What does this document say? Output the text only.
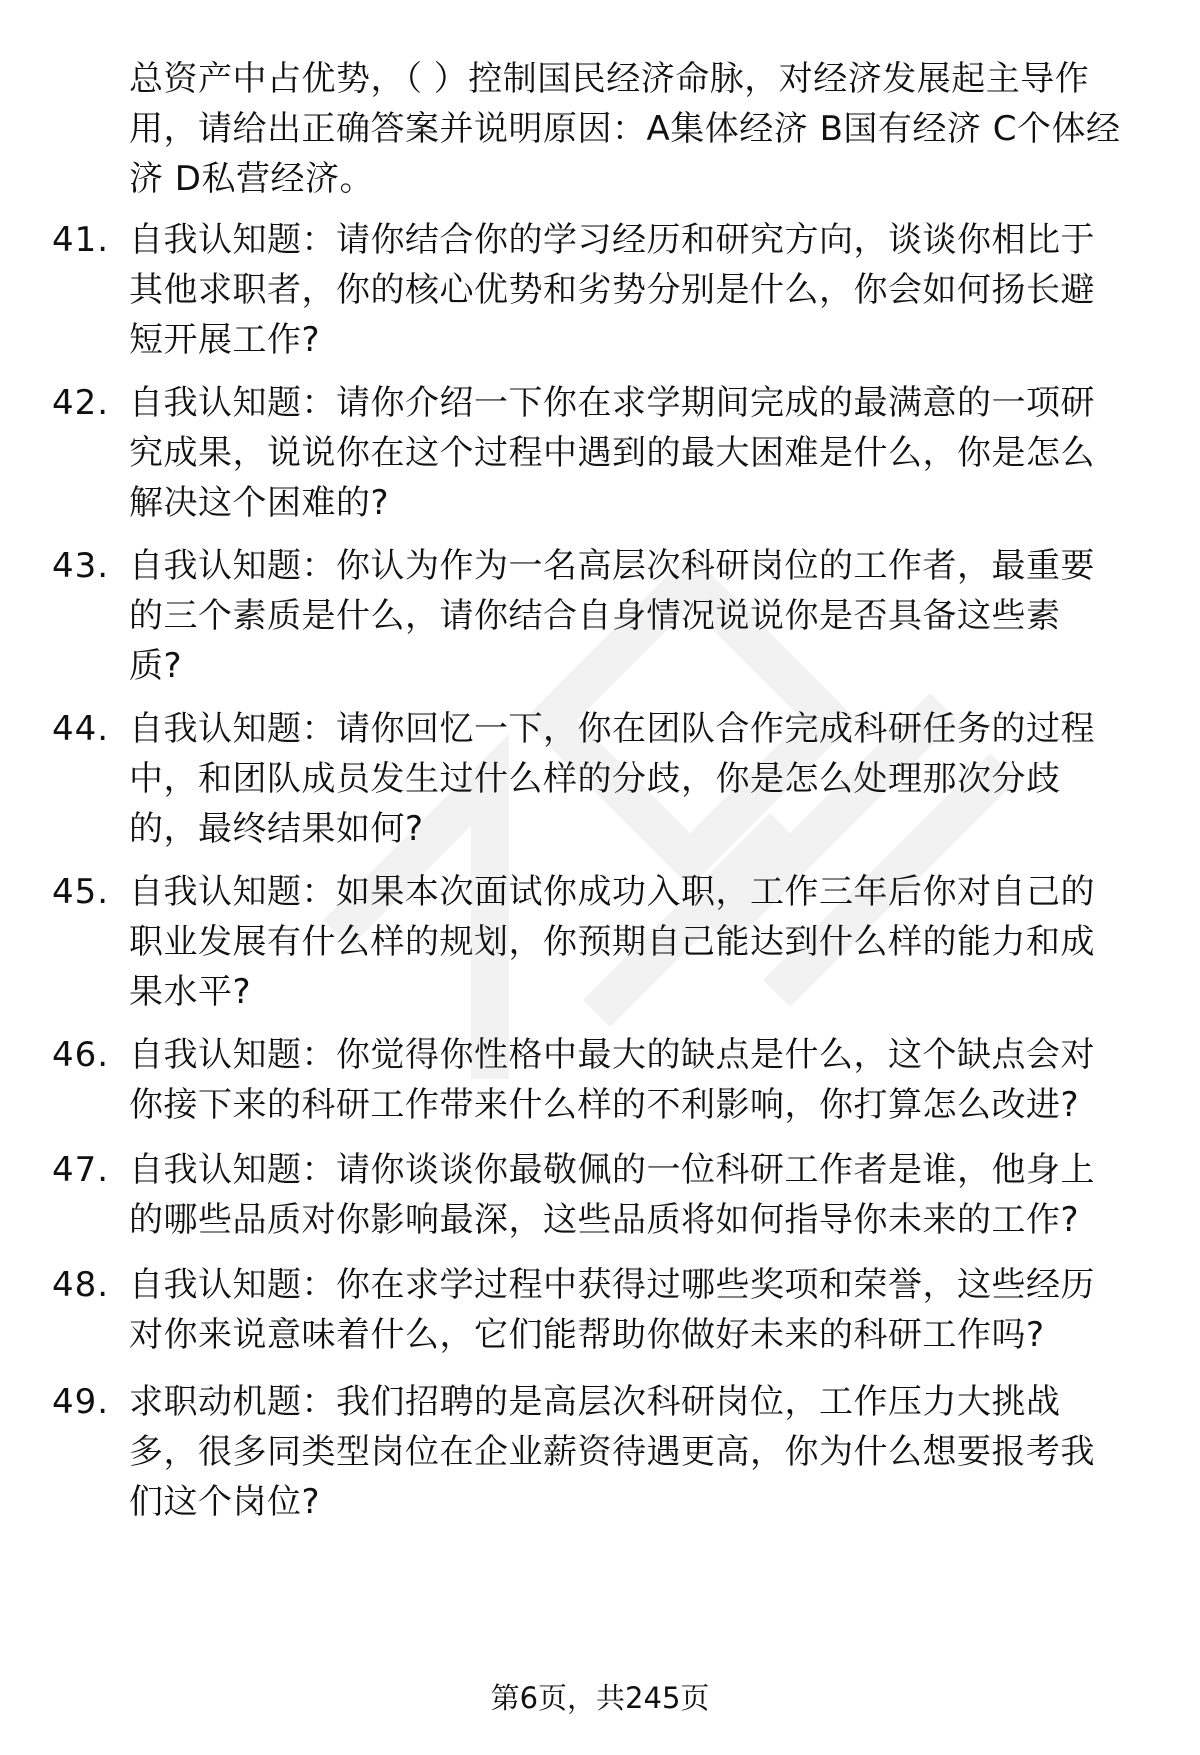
总资产中占优势，（ ）控制国民经济命脉，对经济发展起主导作
用，请给出正确答案并说明原因：A集体经济 B国有经济 C个体经
济 D私营经济。
41. 自我认知题：请你结合你的学习经历和研究方向，谈谈你相比于
其他求职者，你的核心优势和劣势分别是什么，你会如何扬长避
短开展工作?
42. 自我认知题：请你介绍一下你在求学期间完成的最满意的一项研
究成果，说说你在这个过程中遇到的最大困难是什么，你是怎么
解决这个困难的?
43. 自我认知题：你认为作为一名高层次科研岗位的工作者，最重要
的三个素质是什么，请你结合自身情况说说你是否具备这些素
质?
44. 自我认知题：请你回忆一下，你在团队合作完成科研任务的过程
中，和团队成员发生过什么样的分歧，你是怎么处理那次分歧
的，最终结果如何?
45. 自我认知题：如果本次面试你成功入职，工作三年后你对自己的
职业发展有什么样的规划，你预期自己能达到什么样的能力和成
果水平?
46. 自我认知题：你觉得你性格中最大的缺点是什么，这个缺点会对
你接下来的科研工作带来什么样的不利影响，你打算怎么改进?
47. 自我认知题：请你谈谈你最敬佩的一位科研工作者是谁，他身上
的哪些品质对你影响最深，这些品质将如何指导你未来的工作?
48. 自我认知题：你在求学过程中获得过哪些奖项和荣誉，这些经历
对你来说意味着什么，它们能帮助你做好未来的科研工作吗?
49. 求职动机题：我们招聘的是高层次科研岗位，工作压力大挑战
多，很多同类型岗位在企业薪资待遇更高，你为什么想要报考我
们这个岗位?
第6页，共245页
